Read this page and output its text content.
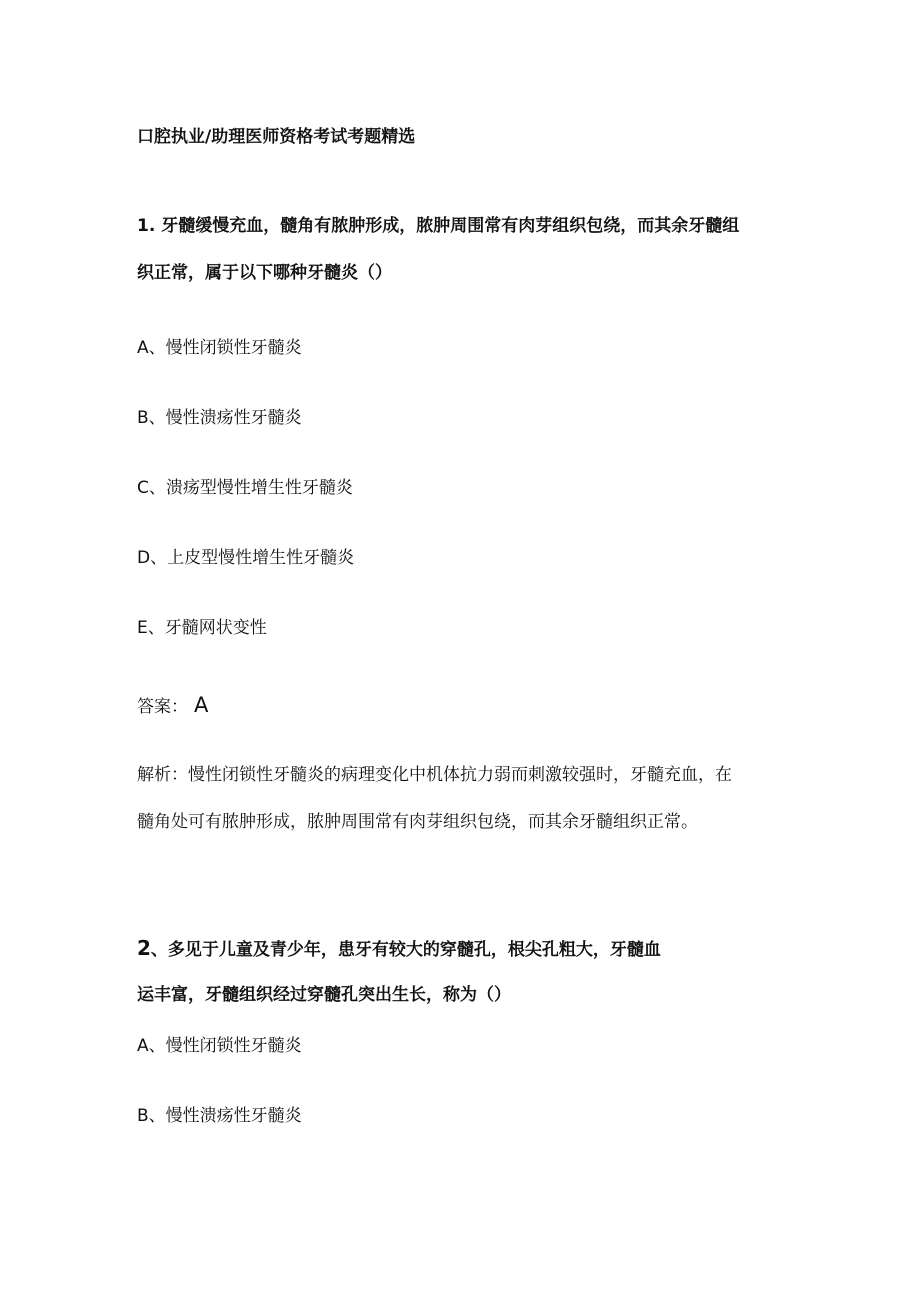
口腔执业/助理医师资格考试考题精选
1. 牙髓缓慢充血，髓角有脓肿形成，脓肿周围常有肉芽组织包绕，而其余牙髓组
织正常，属于以下哪种牙髓炎（）
A、慢性闭锁性牙髓炎
B、慢性溃疡性牙髓炎
C、溃疡型慢性增生性牙髓炎
D、上皮型慢性增生性牙髓炎
E、牙髓网状变性
答案： A
解析：慢性闭锁性牙髓炎的病理变化中机体抗力弱而刺激较强时，牙髓充血，在
髓角处可有脓肿形成，脓肿周围常有肉芽组织包绕，而其余牙髓组织正常。
2、多见于儿童及青少年，患牙有较大的穿髓孔，根尖孔粗大，牙髓血
运丰富，牙髓组织经过穿髓孔突出生长，称为（）
A、慢性闭锁性牙髓炎
B、慢性溃疡性牙髓炎
